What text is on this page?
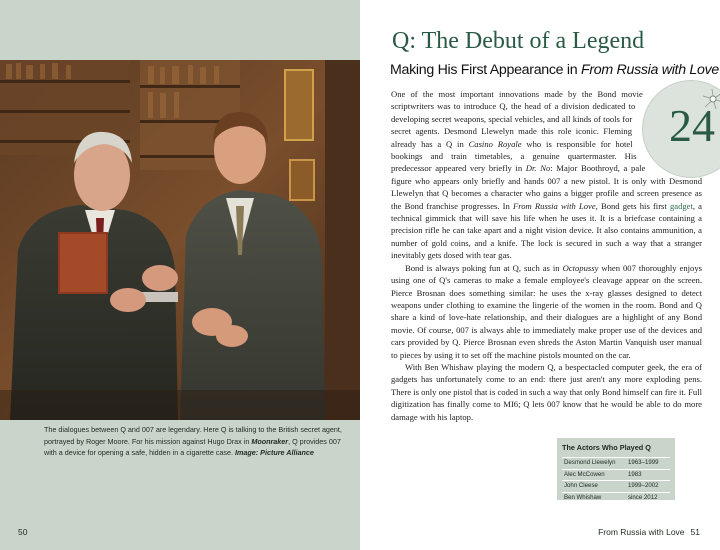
The dialogues between Q and 007 are legendary. Here Q is talking to the British secret agent, portrayed by Roger Moore. For his mission against Hugo Drax in Moonraker, Q provides 007 with a device for opening a safe, hidden in a cigarette case. Image: Picture Alliance
50
Q: The Debut of a Legend
Making His First Appearance in From Russia with Love
24

One of the most important innovations made by the Bond movie scriptwriters was to introduce Q, the head of a division dedicated to developing secret weapons, special vehicles, and all kinds of tools for secret agents. Desmond Llewelyn made this role iconic. Fleming already has a Q in Casino Royale who is responsible for hotel bookings and train timetables, a genuine quartermaster. His predecessor appeared very briefly in Dr. No: Major Boothroyd, a pale figure who appears only briefly and hands 007 a new pistol. It is only with Desmond Llewelyn that Q becomes a character who gains a bigger profile and screen presence as the Bond franchise progresses. In From Russia with Love, Bond gets his first gadget, a technical gimmick that will save his life when he uses it. It is a briefcase containing a precision rifle he can take apart and a night vision device. It also contains ammunition, a number of gold coins, and a knife. The lock is secured in such a way that a stranger inevitably gets dosed with tear gas.

Bond is always poking fun at Q, such as in Octopussy when 007 thoroughly enjoys using one of Q's cameras to make a female employee's cleavage appear on the screen. Pierce Brosnan does something similar: he uses the x-ray glasses designed to detect weapons under clothing to examine the lingerie of the women in the room. Bond and Q share a kind of love-hate relationship, and their dialogues are a highlight of any Bond movie. Of course, 007 is always able to immediately make proper use of the devices and cars provided by Q. Pierce Brosnan even shreds the Aston Martin Vanquish user manual to pieces by using it to set off the machine pistols mounted on the car.

With Ben Whishaw playing the modern Q, a bespectacled computer geek, the era of gadgets has unfortunately come to an end: there just aren't any more exploding pens. There is only one pistol that is coded in such a way that only Bond himself can fire it. Full digitization has finally come to MI6; Q lets 007 know that he would be able to do more damage with his laptop.

The Actors Who Played Q
Desmond Llewelyn	1963–1999
Alec McCowen	1983
John Cleese	1999–2002
Ben Whishaw	since 2012
From Russia with Love 51
